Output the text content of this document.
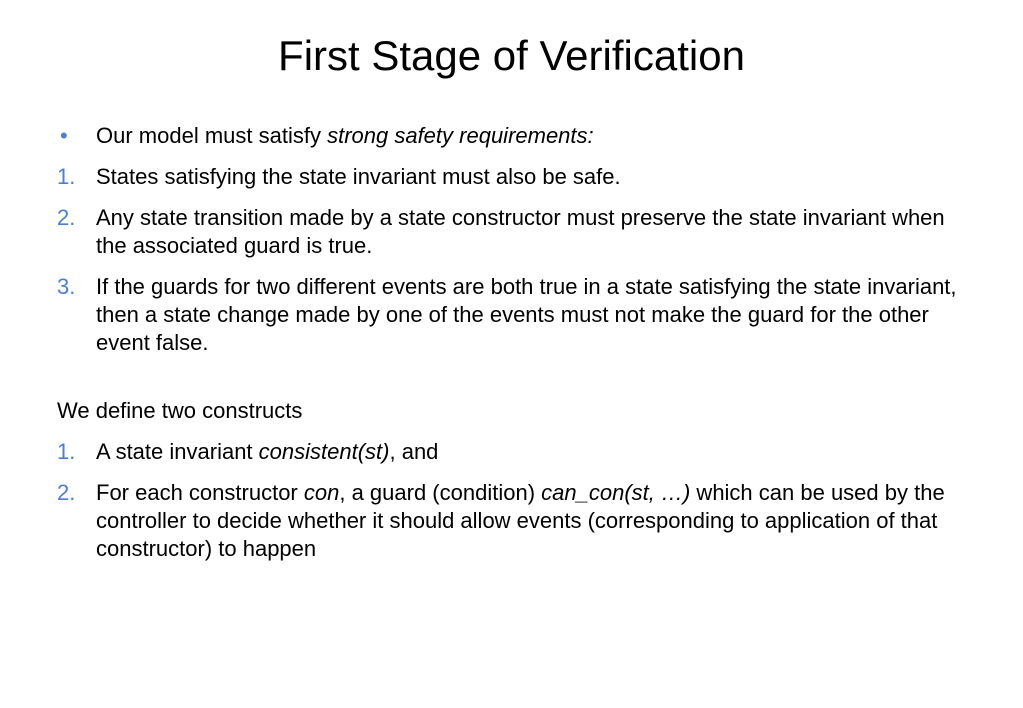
First Stage of Verification
• Our model must satisfy strong safety requirements:
1. States satisfying the state invariant must also be safe.
2. Any state transition made by a state constructor must preserve the state invariant when the associated guard is true.
3. If the guards for two different events are both true in a state satisfying the state invariant, then a state change made by one of the events must not make the guard for the other event false.
We define two constructs
1. A state invariant consistent(st), and
2. For each constructor con, a guard (condition) can_con(st, …) which can be used by the controller to decide whether it should allow events (corresponding to application of that constructor) to happen
